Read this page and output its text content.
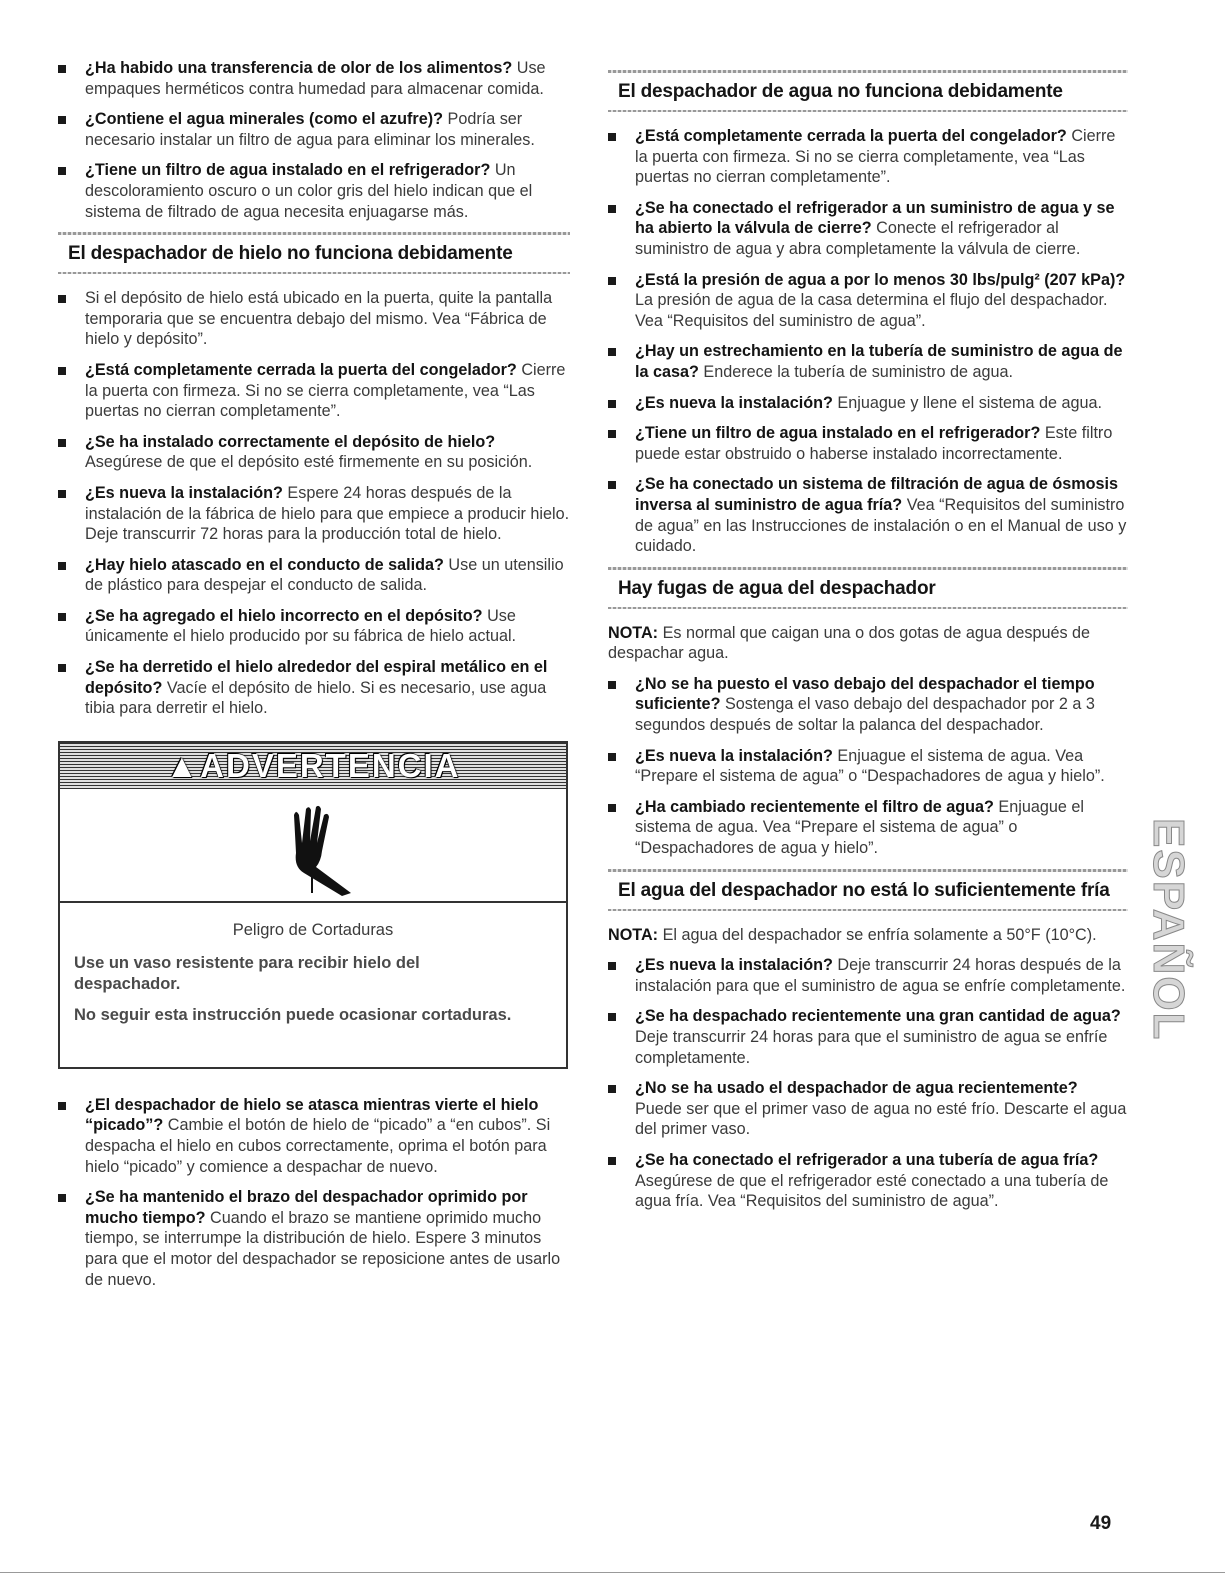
¿Ha habido una transferencia de olor de los alimentos? Use empaques herméticos contra humedad para almacenar comida.
¿Contiene el agua minerales (como el azufre)? Podría ser necesario instalar un filtro de agua para eliminar los minerales.
¿Tiene un filtro de agua instalado en el refrigerador? Un descoloramiento oscuro o un color gris del hielo indican que el sistema de filtrado de agua necesita enjuagarse más.
El despachador de hielo no funciona debidamente
Si el depósito de hielo está ubicado en la puerta, quite la pantalla temporaria que se encuentra debajo del mismo. Vea “Fábrica de hielo y depósito”.
¿Está completamente cerrada la puerta del congelador? Cierre la puerta con firmeza. Si no se cierra completamente, vea “Las puertas no cierran completamente”.
¿Se ha instalado correctamente el depósito de hielo? Asegúrese de que el depósito esté firmemente en su posición.
¿Es nueva la instalación? Espere 24 horas después de la instalación de la fábrica de hielo para que empiece a producir hielo. Deje transcurrir 72 horas para la producción total de hielo.
¿Hay hielo atascado en el conducto de salida? Use un utensilio de plástico para despejar el conducto de salida.
¿Se ha agregado el hielo incorrecto en el depósito? Use únicamente el hielo producido por su fábrica de hielo actual.
¿Se ha derretido el hielo alrededor del espiral metálico en el depósito? Vacíe el depósito de hielo. Si es necesario, use agua tibia para derretir el hielo.
▲ADVERTENCIA
Peligro de Cortaduras
Use un vaso resistente para recibir hielo del despachador.
No seguir esta instrucción puede ocasionar cortaduras.
¿El despachador de hielo se atasca mientras vierte el hielo “picado”? Cambie el botón de hielo de “picado” a “en cubos”. Si despacha el hielo en cubos correctamente, oprima el botón para hielo “picado” y comience a despachar de nuevo.
¿Se ha mantenido el brazo del despachador oprimido por mucho tiempo? Cuando el brazo se mantiene oprimido mucho tiempo, se interrumpe la distribución de hielo. Espere 3 minutos para que el motor del despachador se reposicione antes de usarlo de nuevo.
El despachador de agua no funciona debidamente
¿Está completamente cerrada la puerta del congelador? Cierre la puerta con firmeza. Si no se cierra completamente, vea “Las puertas no cierran completamente”.
¿Se ha conectado el refrigerador a un suministro de agua y se ha abierto la válvula de cierre? Conecte el refrigerador al suministro de agua y abra completamente la válvula de cierre.
¿Está la presión de agua a por lo menos 30 lbs/pulg² (207 kPa)? La presión de agua de la casa determina el flujo del despachador. Vea “Requisitos del suministro de agua”.
¿Hay un estrechamiento en la tubería de suministro de agua de la casa? Enderece la tubería de suministro de agua.
¿Es nueva la instalación? Enjuague y llene el sistema de agua.
¿Tiene un filtro de agua instalado en el refrigerador? Este filtro puede estar obstruido o haberse instalado incorrectamente.
¿Se ha conectado un sistema de filtración de agua de ósmosis inversa al suministro de agua fría? Vea “Requisitos del suministro de agua” en las Instrucciones de instalación o en el Manual de uso y cuidado.
Hay fugas de agua del despachador
NOTA: Es normal que caigan una o dos gotas de agua después de despachar agua.
¿No se ha puesto el vaso debajo del despachador el tiempo suficiente? Sostenga el vaso debajo del despachador por 2 a 3 segundos después de soltar la palanca del despachador.
¿Es nueva la instalación? Enjuague el sistema de agua. Vea “Prepare el sistema de agua” o “Despachadores de agua y hielo”.
¿Ha cambiado recientemente el filtro de agua? Enjuague el sistema de agua. Vea “Prepare el sistema de agua” o “Despachadores de agua y hielo”.
El agua del despachador no está lo suficientemente fría
NOTA: El agua del despachador se enfría solamente a 50°F (10°C).
¿Es nueva la instalación? Deje transcurrir 24 horas después de la instalación para que el suministro de agua se enfríe completamente.
¿Se ha despachado recientemente una gran cantidad de agua? Deje transcurrir 24 horas para que el suministro de agua se enfríe completamente.
¿No se ha usado el despachador de agua recientemente? Puede ser que el primer vaso de agua no esté frío. Descarte el agua del primer vaso.
¿Se ha conectado el refrigerador a una tubería de agua fría? Asegúrese de que el refrigerador esté conectado a una tubería de agua fría. Vea “Requisitos del suministro de agua”.
ESPAÑOL
49
